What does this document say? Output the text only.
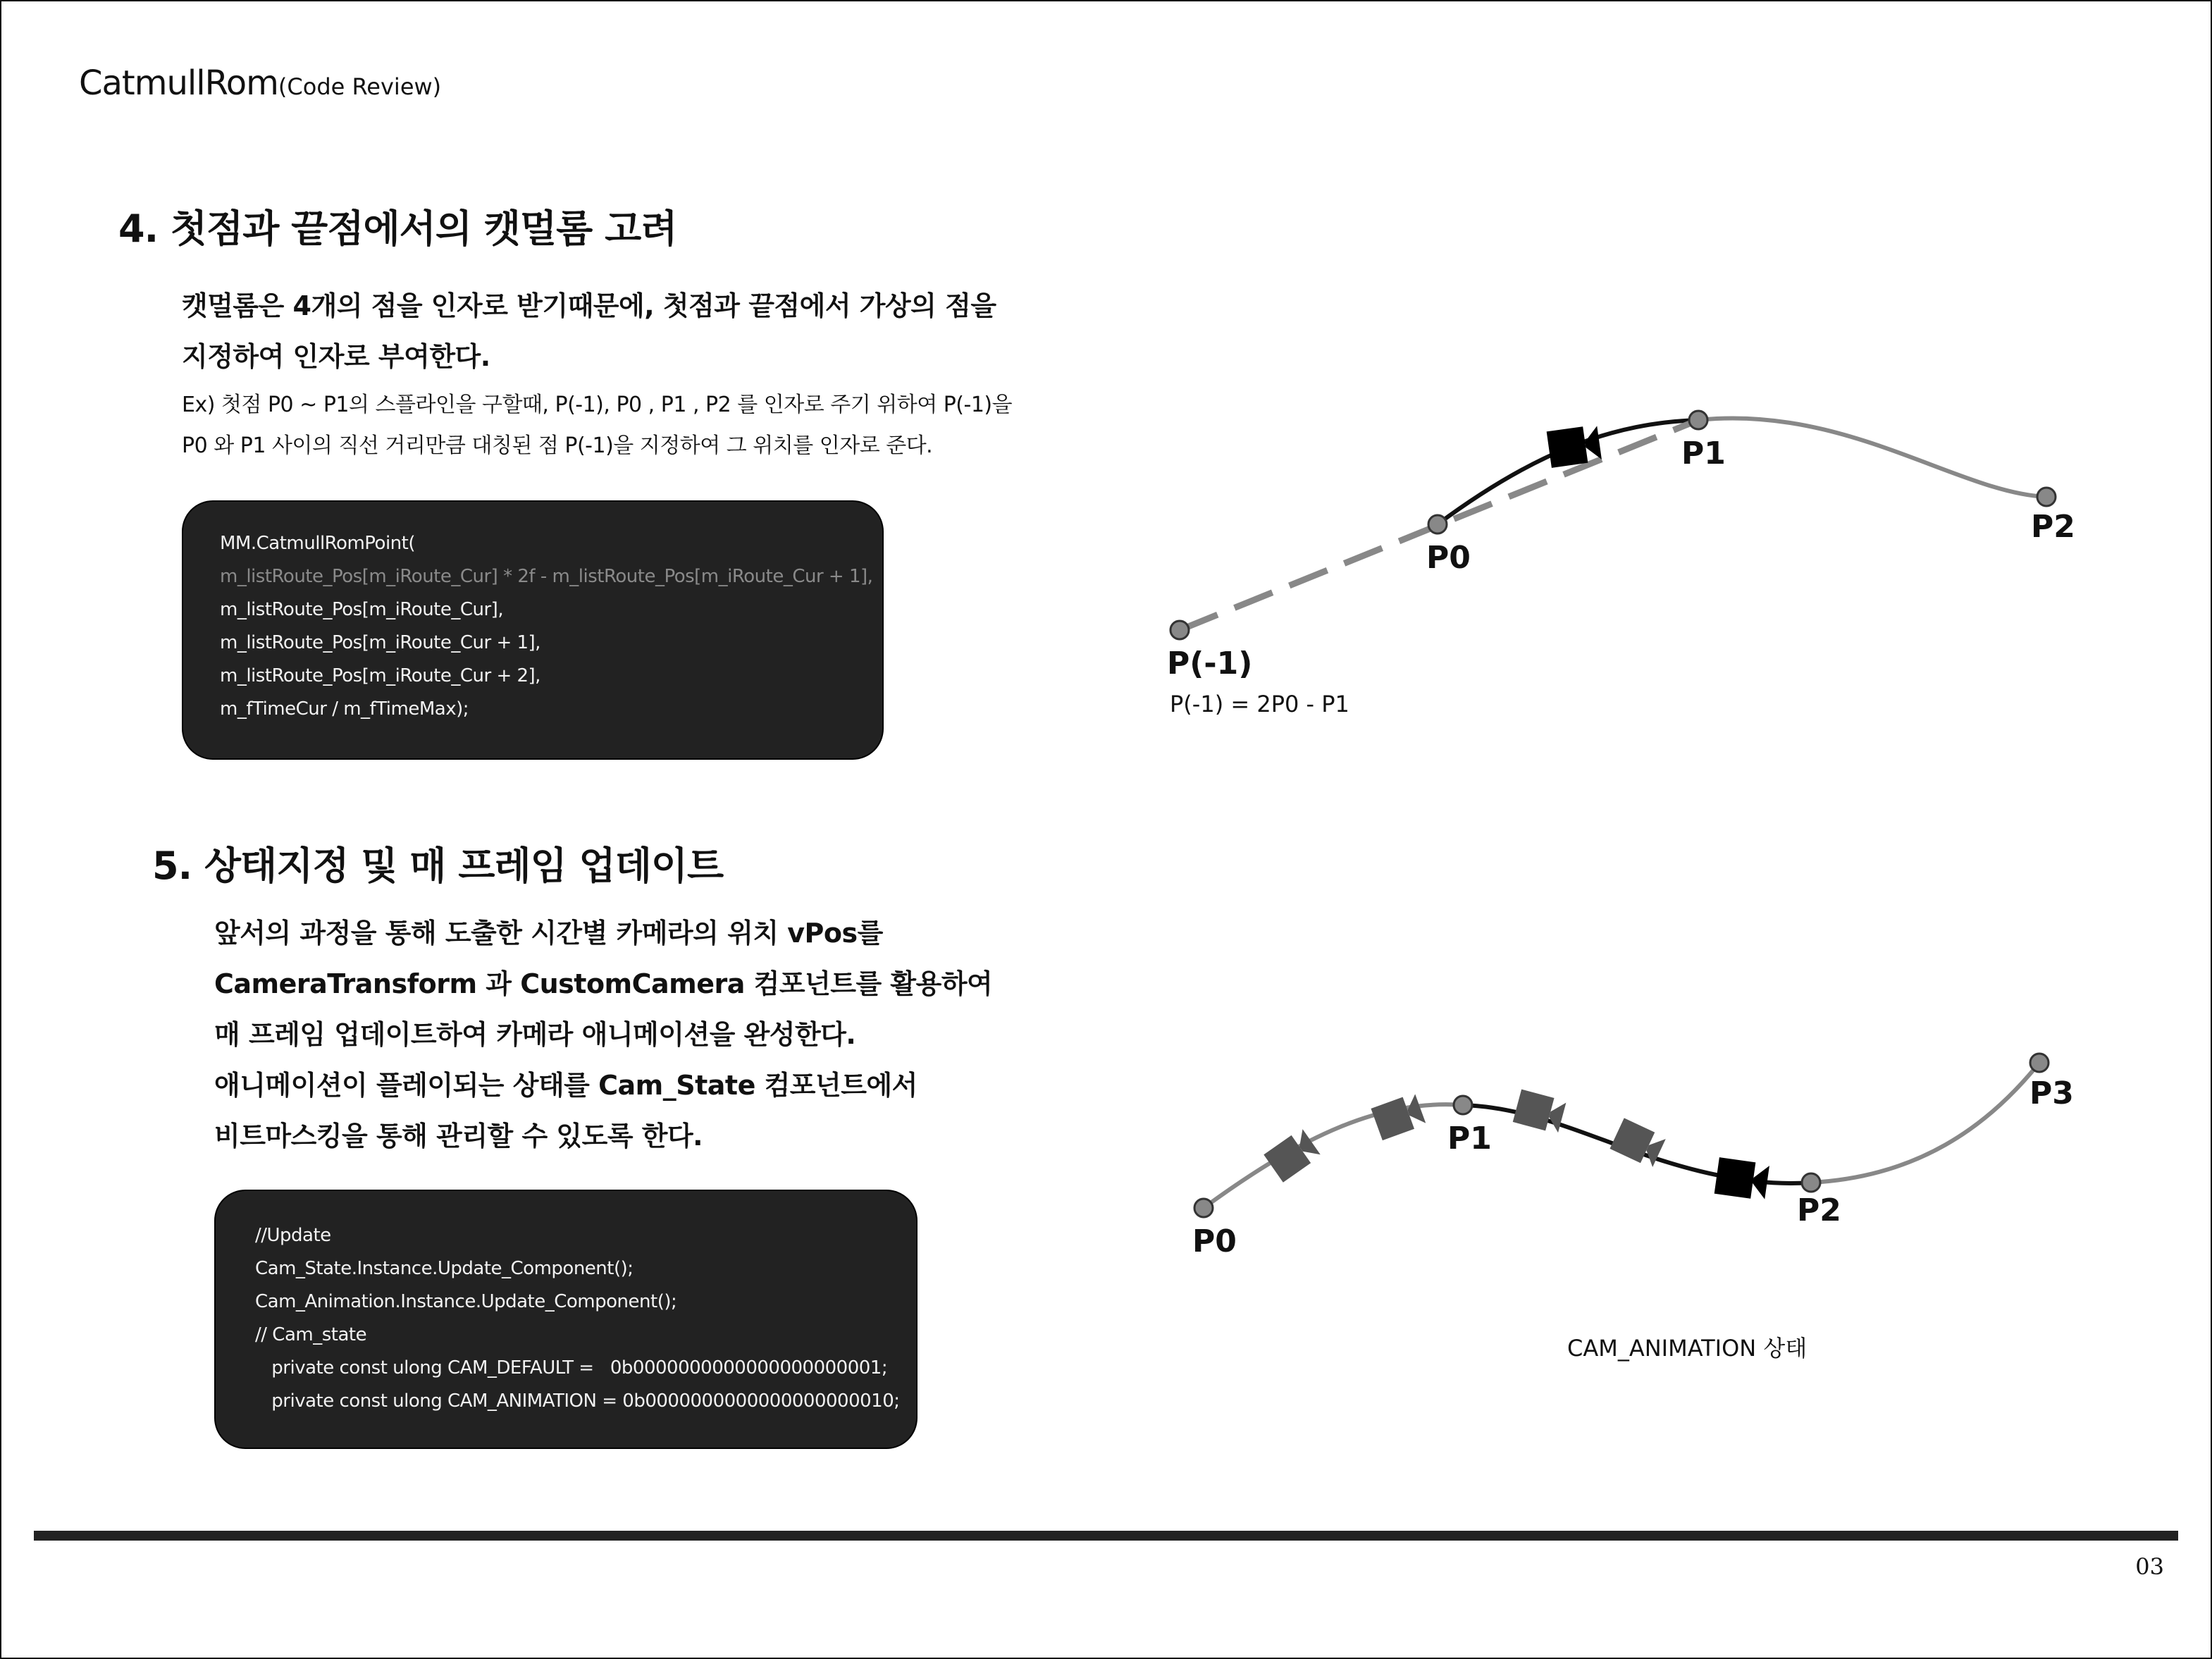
CatmullRom(Code Review)
4. 첫점과 끝점에서의 캣멀롬 고려
캣멀롬은 4개의 점을 인자로 받기때문에, 첫점과 끝점에서 가상의 점을
지정하여 인자로 부여한다.
Ex) 첫점 P0 ~ P1의 스플라인을 구할때, P(-1), P0 , P1 , P2 를 인자로 주기 위하여 P(-1)을
P0 와 P1 사이의 직선 거리만큼 대칭된 점 P(-1)을 지정하여 그 위치를 인자로 준다.
MM.CatmullRomPoint(
m_listRoute_Pos[m_iRoute_Cur] * 2f - m_listRoute_Pos[m_iRoute_Cur + 1],
m_listRoute_Pos[m_iRoute_Cur],
m_listRoute_Pos[m_iRoute_Cur + 1],
m_listRoute_Pos[m_iRoute_Cur + 2],
m_fTimeCur / m_fTimeMax);
P(-1)
P0
P1
P2
P(-1) = 2P0 - P1
P0
P1
P2
P3
CAM_ANIMATION 상태
5. 상태지정 및 매 프레임 업데이트
앞서의 과정을 통해 도출한 시간별 카메라의 위치 vPos를
CameraTransform 과 CustomCamera 컴포넌트를 활용하여
매 프레임 업데이트하여 카메라 애니메이션을 완성한다.
애니메이션이 플레이되는 상태를 Cam_State 컴포넌트에서
비트마스킹을 통해 관리할 수 있도록 한다.
//Update
Cam_State.Instance.Update_Component();
Cam_Animation.Instance.Update_Component();
// Cam_state
private const ulong CAM_DEFAULT =   0b0000000000000000000001;
private const ulong CAM_ANIMATION = 0b0000000000000000000010;
03
